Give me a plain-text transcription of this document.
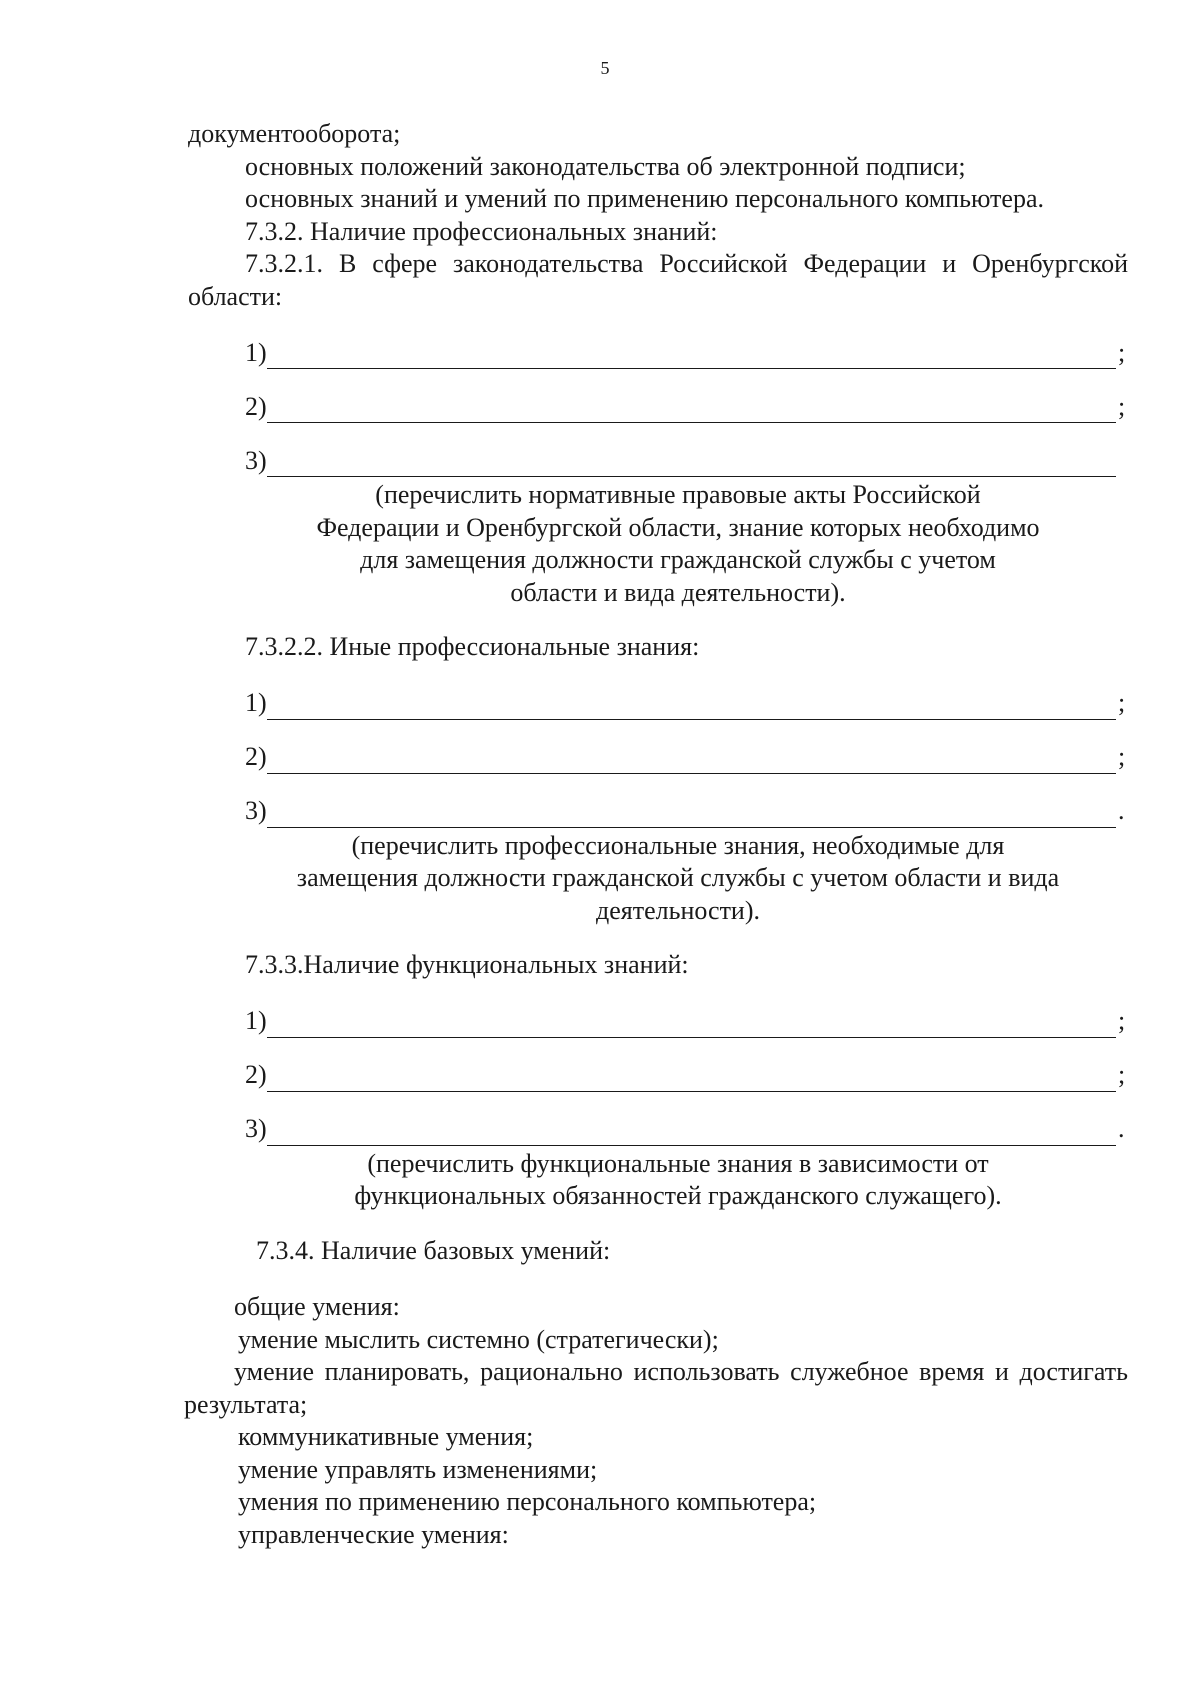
5

документооборота;

основных положений законодательства об электронной подписи;

основных знаний и умений по применению персонального компьютера.

7.3.2. Наличие профессиональных знаний:

7.3.2.1. В сфере законодательства Российской Федерации и Оренбургской области:

1)	;
2)	;
3)

(перечислить нормативные правовые акты Российской

Федерации и Оренбургской области, знание которых необходимо

для замещения должности гражданской службы с учетом

области и вида деятельности).

7.3.2.2. Иные профессиональные знания:

1)	;
2)	;
3)	.

(перечислить профессиональные знания, необходимые для

замещения должности гражданской службы с учетом области и вида

деятельности).

7.3.3.Наличие функциональных знаний:

1)	;
2)	;
3)	.

(перечислить функциональные знания в зависимости от

функциональных обязанностей гражданского служащего).

7.3.4. Наличие базовых умений:

общие умения:

умение мыслить системно (стратегически);

умение планировать, рационально использовать служебное время и достигать результата;

коммуникативные умения;

умение управлять изменениями;

умения по применению персонального компьютера;

управленческие умения:
